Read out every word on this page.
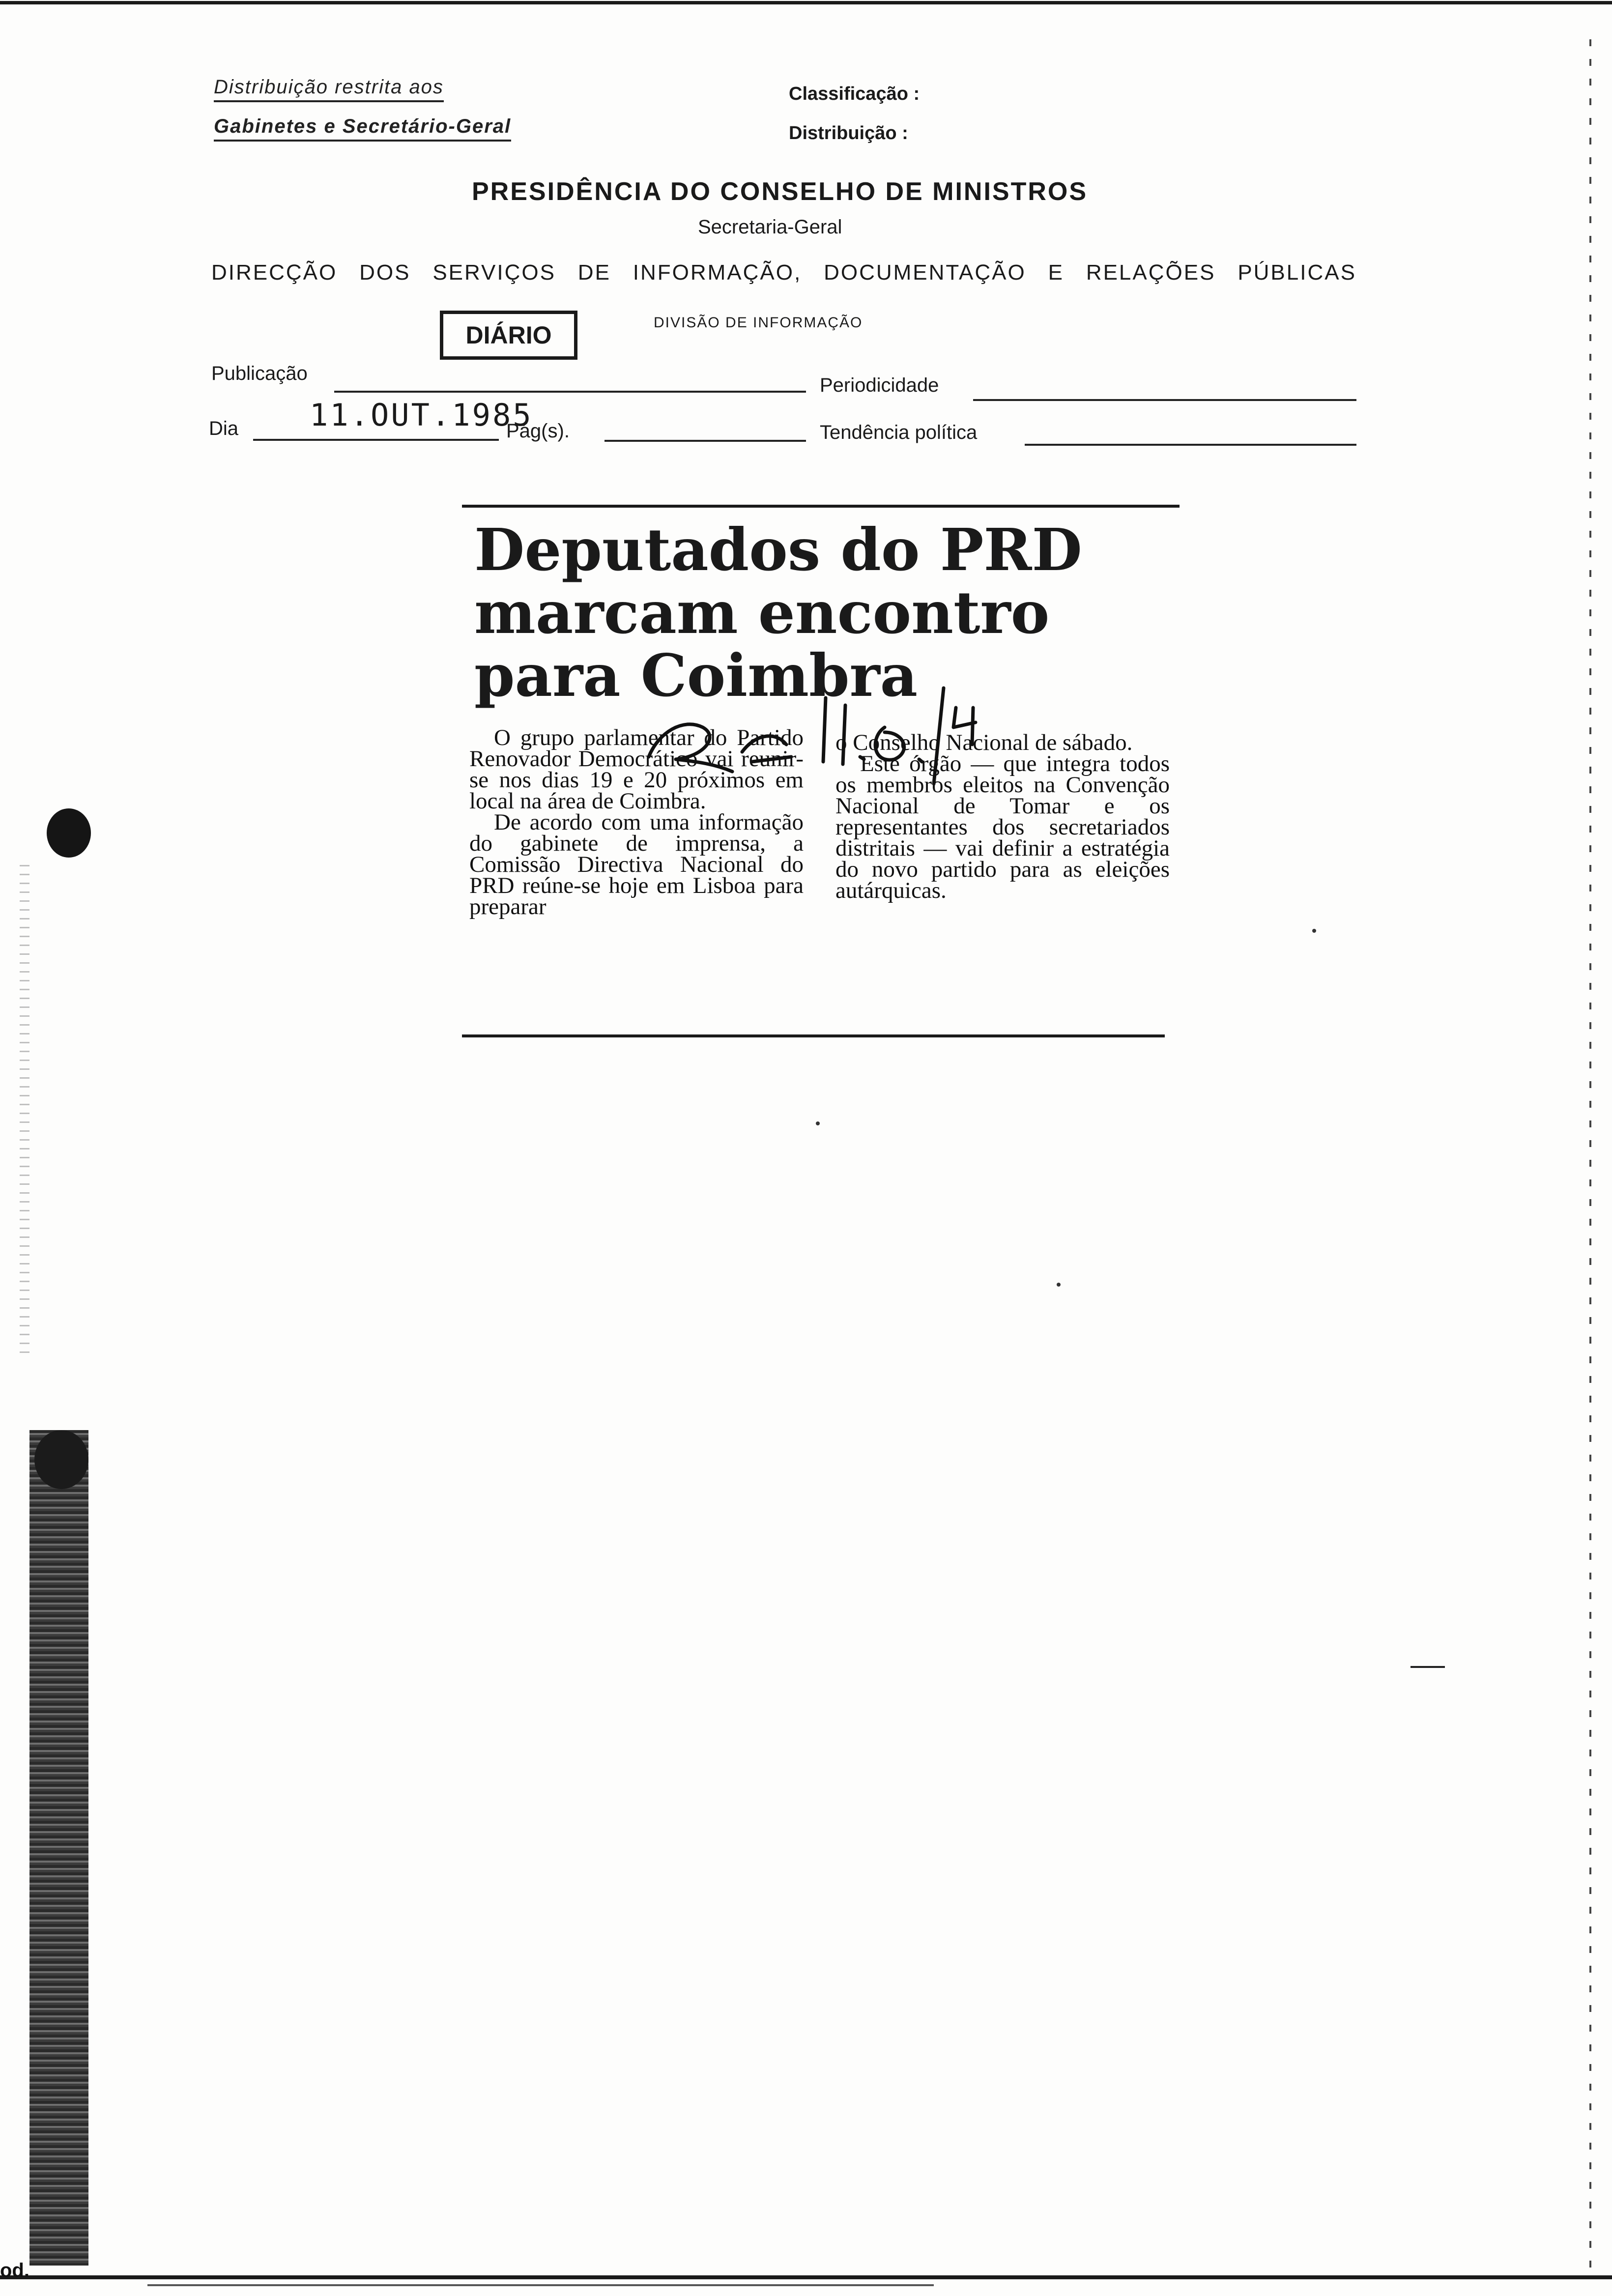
od.
Distribuição restrita aos
Gabinetes e Secretário-Geral
Classificação :
Distribuição :
PRESIDÊNCIA DO CONSELHO DE MINISTROS
Secretaria-Geral
DIRECÇÃO DOS SERVIÇOS DE INFORMAÇÃO, DOCUMENTAÇÃO E RELAÇÕES PÚBLICAS
DIVISÃO DE INFORMAÇÃO
DIÁRIO
Publicação
Periodicidade
Dia 11.OUT.1985
Pág(s).	Tendência política
Deputados do PRD
marcam encontro
para Coimbra

O grupo parlamentar do Partido Renovador Democrático vai reunir-se nos dias 19 e 20 próximos em local na área de Coimbra.

De acordo com uma informação do gabinete de imprensa, a Comissão Directiva Nacional do PRD reúne-se hoje em Lisboa para preparar

o Conselho Nacional de sábado.

Este órgão — que integra todos os membros eleitos na Convenção Nacional de Tomar e os representantes dos secretariados distritais — vai definir a estratégia do novo partido para as eleições autárquicas.
